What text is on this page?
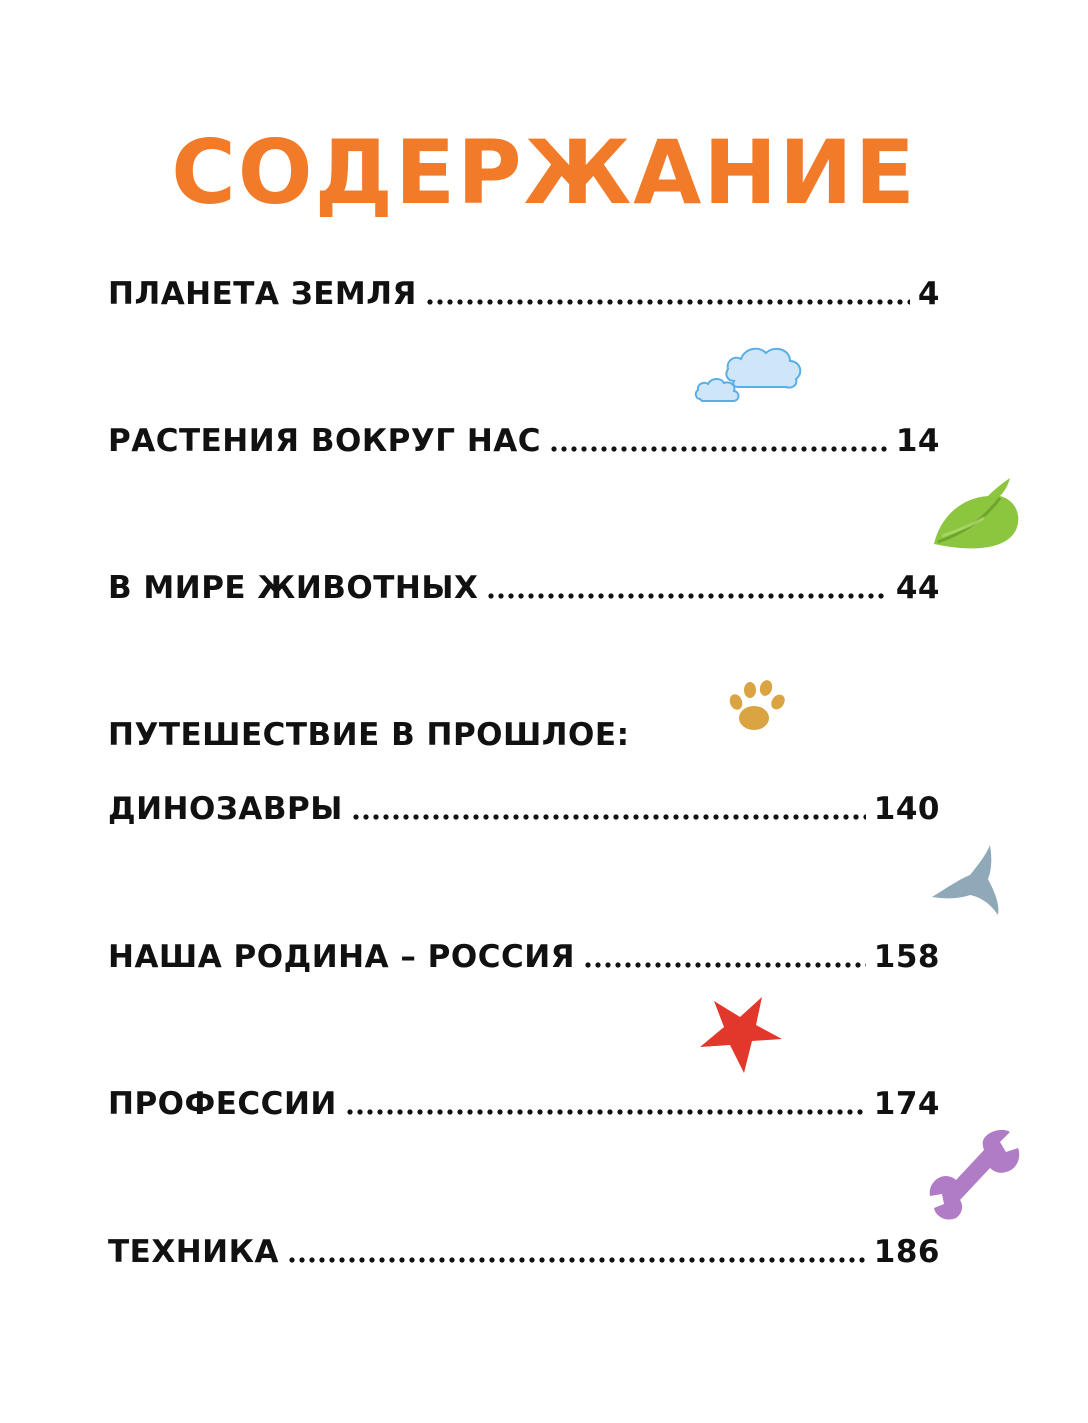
СОДЕРЖАНИЕ
ПЛАНЕТА ЗЕМЛЯ	4
РАСТЕНИЯ ВОКРУГ НАС	14
В МИРЕ ЖИВОТНЫХ	44
ПУТЕШЕСТВИЕ В ПРОШЛОЕ:
ДИНОЗАВРЫ	140
НАША РОДИНА – РОССИЯ	158
ПРОФЕССИИ	174
ТЕХНИКА	186
